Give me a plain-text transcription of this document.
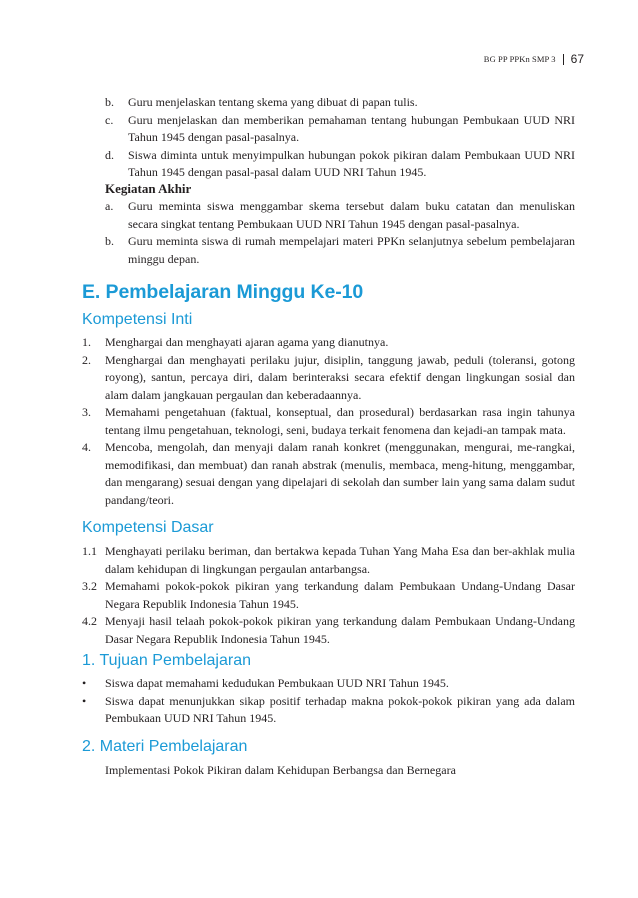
BG PP PPKn SMP 3	67
b. Guru menjelaskan tentang skema yang dibuat di papan tulis.
c. Guru menjelaskan dan memberikan pemahaman tentang hubungan Pembukaan UUD NRI Tahun 1945 dengan pasal-pasalnya.
d. Siswa diminta untuk menyimpulkan hubungan pokok pikiran dalam Pembukaan UUD NRI Tahun 1945 dengan pasal-pasal dalam UUD NRI Tahun 1945.
Kegiatan Akhir
a. Guru meminta siswa menggambar skema tersebut dalam buku catatan dan menuliskan secara singkat tentang Pembukaan UUD NRI Tahun 1945 dengan pasal-pasalnya.
b. Guru meminta siswa di rumah mempelajari materi PPKn selanjutnya sebelum pembelajaran minggu depan.
E. Pembelajaran Minggu Ke-10
Kompetensi Inti
1. Menghargai dan menghayati ajaran agama yang dianutnya.
2. Menghargai dan menghayati perilaku jujur, disiplin, tanggung jawab, peduli (toleransi, gotong royong), santun, percaya diri, dalam berinteraksi secara efektif dengan lingkungan sosial dan alam dalam jangkauan pergaulan dan keberadaannya.
3. Memahami pengetahuan (faktual, konseptual, dan prosedural) berdasarkan rasa ingin tahunya tentang ilmu pengetahuan, teknologi, seni, budaya terkait fenomena dan kejadi-an tampak mata.
4. Mencoba, mengolah, dan menyaji dalam ranah konkret (menggunakan, mengurai, me-rangkai, memodifikasi, dan membuat) dan ranah abstrak (menulis, membaca, meng-hitung, menggambar, dan mengarang) sesuai dengan yang dipelajari di sekolah dan sumber lain yang sama dalam sudut pandang/teori.
Kompetensi Dasar
1.1 Menghayati perilaku beriman, dan bertakwa kepada Tuhan Yang Maha Esa dan ber-akhlak mulia dalam kehidupan di lingkungan pergaulan antarbangsa.
3.2 Memahami pokok-pokok pikiran yang terkandung dalam Pembukaan Undang-Undang Dasar Negara Republik Indonesia Tahun 1945.
4.2 Menyaji hasil telaah pokok-pokok pikiran yang terkandung dalam Pembukaan Undang-Undang Dasar Negara Republik Indonesia Tahun 1945.
1. Tujuan Pembelajaran
• Siswa dapat memahami kedudukan Pembukaan UUD NRI Tahun 1945.
• Siswa dapat menunjukkan sikap positif terhadap makna pokok-pokok pikiran yang ada dalam Pembukaan UUD NRI Tahun 1945.
2. Materi Pembelajaran
Implementasi Pokok Pikiran dalam Kehidupan Berbangsa dan Bernegara
